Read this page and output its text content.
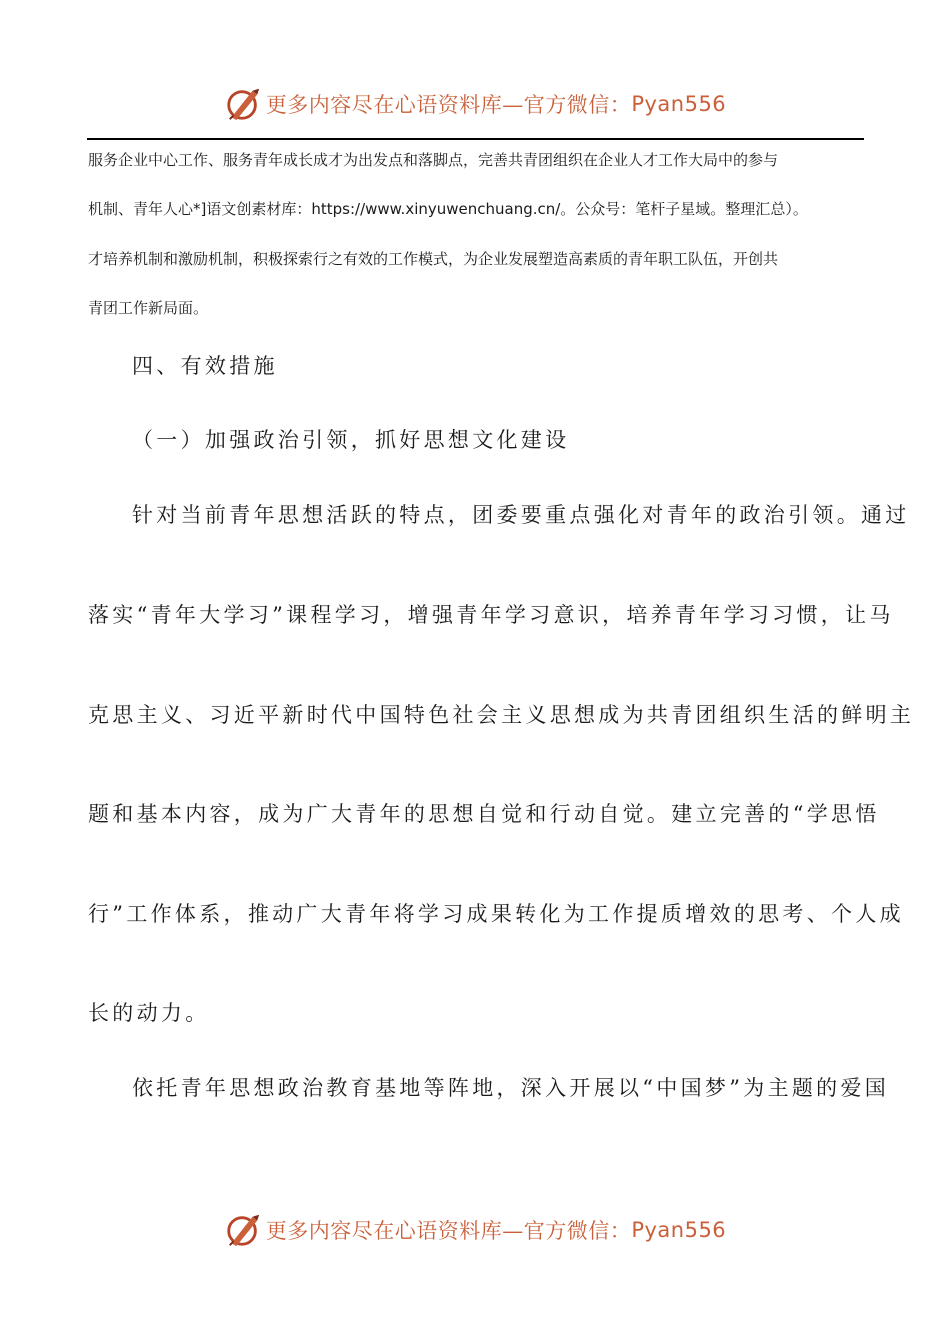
更多内容尽在心语资料库—官方微信： Pyan556
服务企业中心工作、服务青年成长成才为出发点和落脚点，完善共青团组织在企业人才工作大局中的参与
机制、青年人心*]语文创素材库：https://www.xinyuwenchuang.cn/。公众号：笔杆子星域。整理汇总）。
才培养机制和激励机制，积极探索行之有效的工作模式，为企业发展塑造高素质的青年职工队伍，开创共
青团工作新局面。
四、有效措施
（一）加强政治引领，抓好思想文化建设
针对当前青年思想活跃的特点，团委要重点强化对青年的政治引领。通过
落实“青年大学习”课程学习，增强青年学习意识，培养青年学习习惯，让马
克思主义、习近平新时代中国特色社会主义思想成为共青团组织生活的鲜明主
题和基本内容，成为广大青年的思想自觉和行动自觉。建立完善的“学思悟
行”工作体系，推动广大青年将学习成果转化为工作提质增效的思考、个人成
长的动力。
依托青年思想政治教育基地等阵地，深入开展以“中国梦”为主题的爱国
更多内容尽在心语资料库—官方微信： Pyan556
